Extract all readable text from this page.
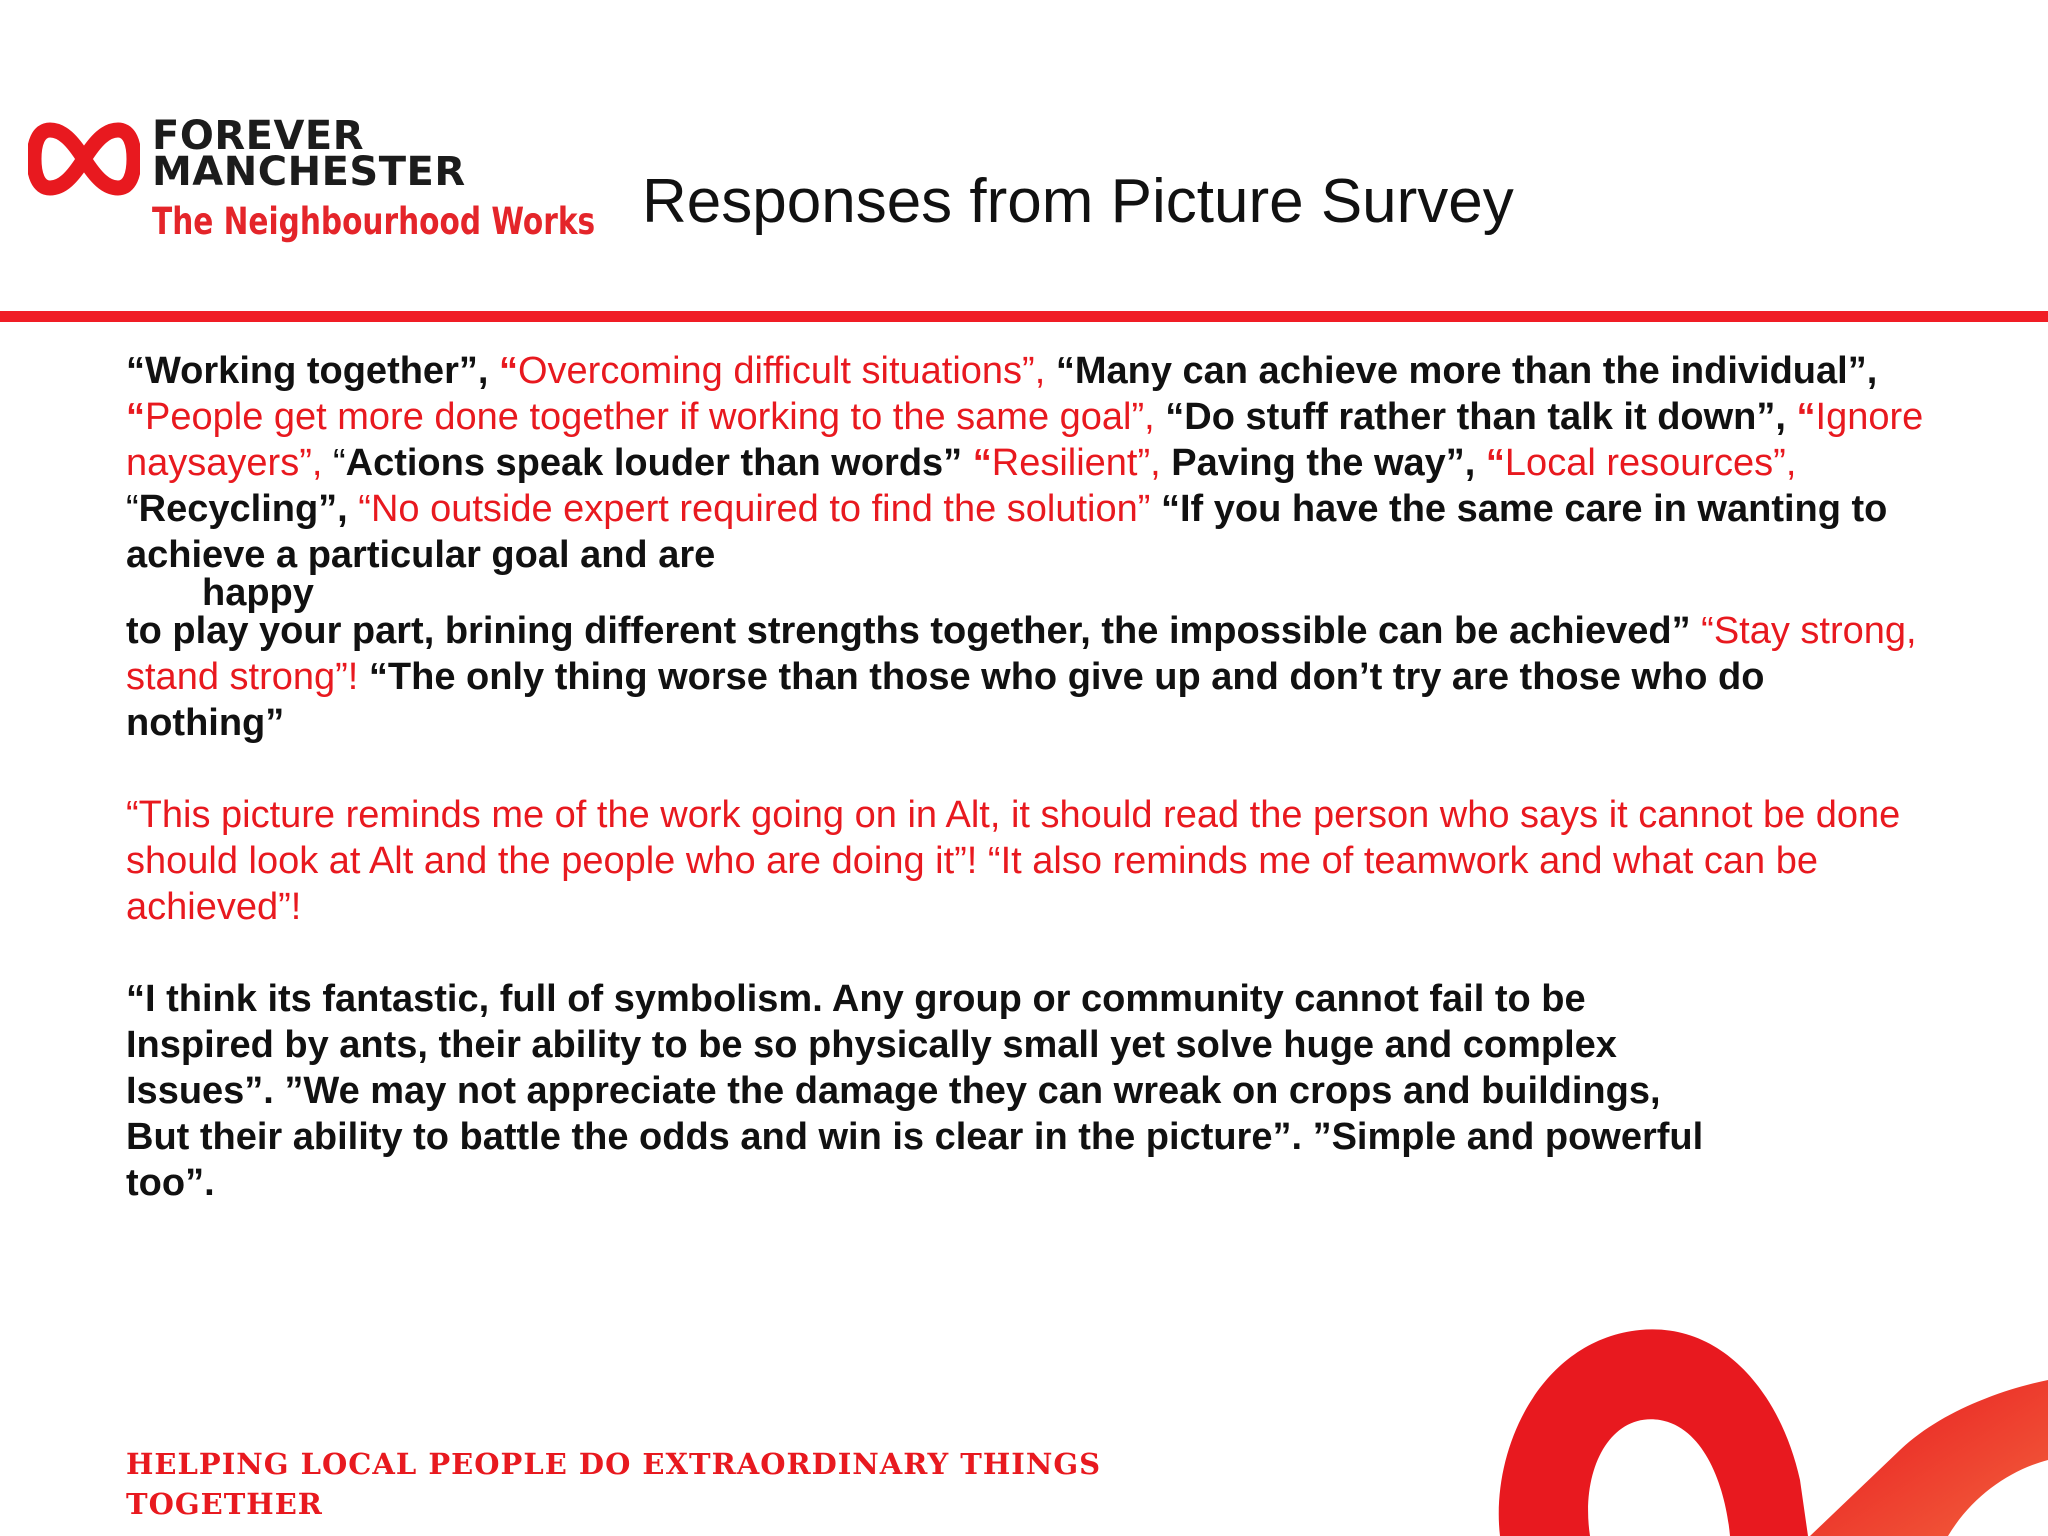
FOREVER
MANCHESTER
The Neighbourhood Works Responses from Picture Survey

“Working together”, “Overcoming difficult situations”, “Many can achieve more than the individual”, “People get more done together if working to the same goal”, “Do stuff rather than talk it down”, “Ignore naysayers”, “Actions speak louder than words” “Resilient”, Paving the way”, “Local resources”, “Recycling”, “No outside expert required to find the solution” “If you have the same care in wanting to achieve a particular goal and are
happy
to play your part, brining different strengths together, the impossible can be achieved” “Stay strong, stand strong”! “The only thing worse than those who give up and don’t try are those who do nothing”

“This picture reminds me of the work going on in Alt, it should read the person who says it cannot be done should look at Alt and the people who are doing it”! “It also reminds me of teamwork and what can be achieved”!

“I think its fantastic, full of symbolism. Any group or community cannot fail to be
Inspired by ants, their ability to be so physically small yet solve huge and complex
Issues”. ”We may not appreciate the damage they can wreak on crops and buildings,
But their ability to battle the odds and win is clear in the picture”. ”Simple and powerful
too”.

HELPING LOCAL PEOPLE DO EXTRAORDINARY THINGS
TOGETHER
